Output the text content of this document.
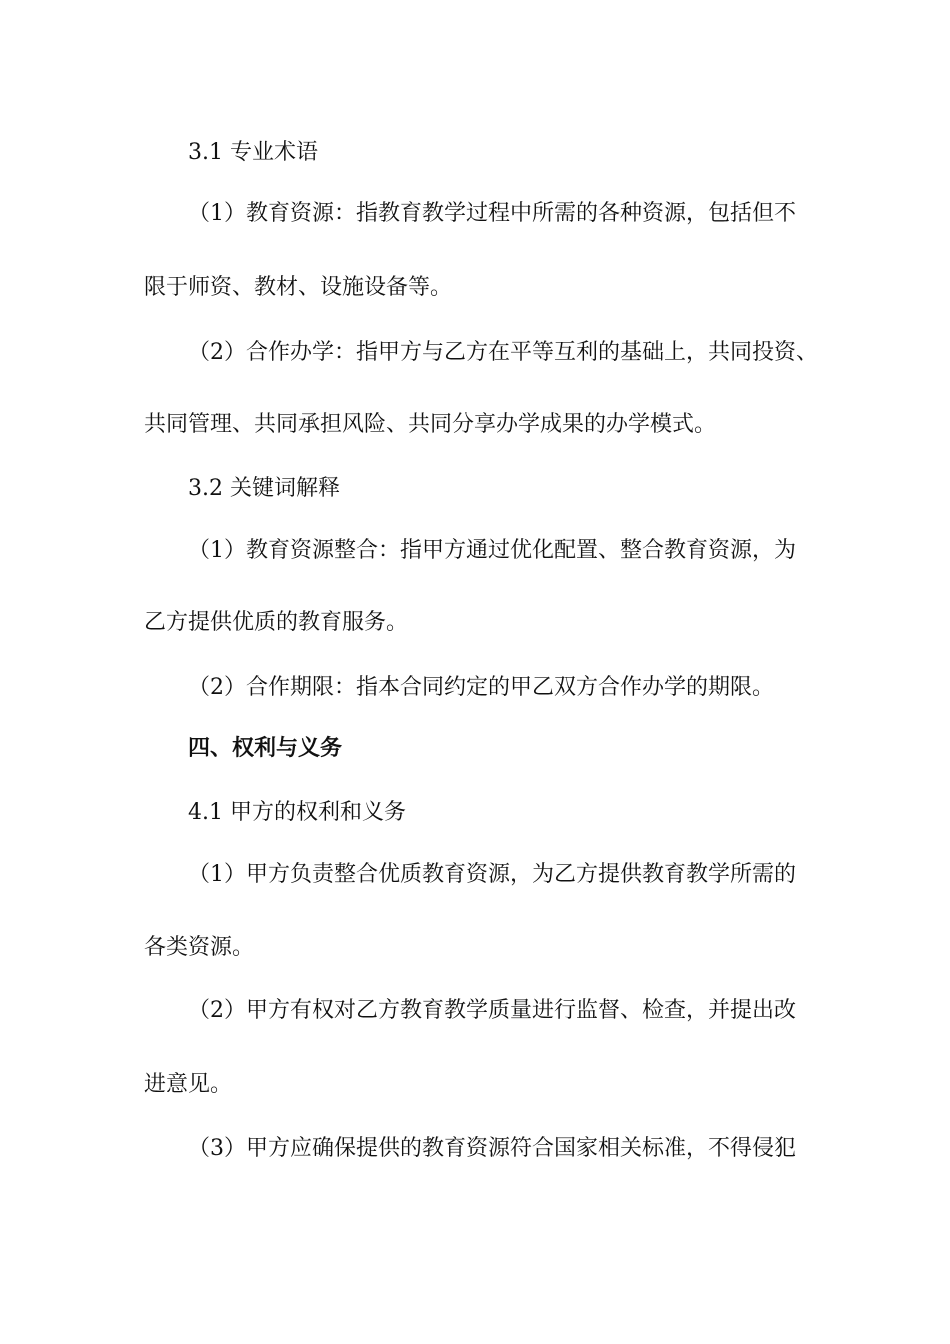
3.1 专业术语
（1）教育资源：指教育教学过程中所需的各种资源，包括但不
限于师资、教材、设施设备等。
（2）合作办学：指甲方与乙方在平等互利的基础上，共同投资、
共同管理、共同承担风险、共同分享办学成果的办学模式。
3.2 关键词解释
（1）教育资源整合：指甲方通过优化配置、整合教育资源，为
乙方提供优质的教育服务。
（2）合作期限：指本合同约定的甲乙双方合作办学的期限。
四、权利与义务
4.1 甲方的权利和义务
（1）甲方负责整合优质教育资源，为乙方提供教育教学所需的
各类资源。
（2）甲方有权对乙方教育教学质量进行监督、检查，并提出改
进意见。
（3）甲方应确保提供的教育资源符合国家相关标准，不得侵犯
